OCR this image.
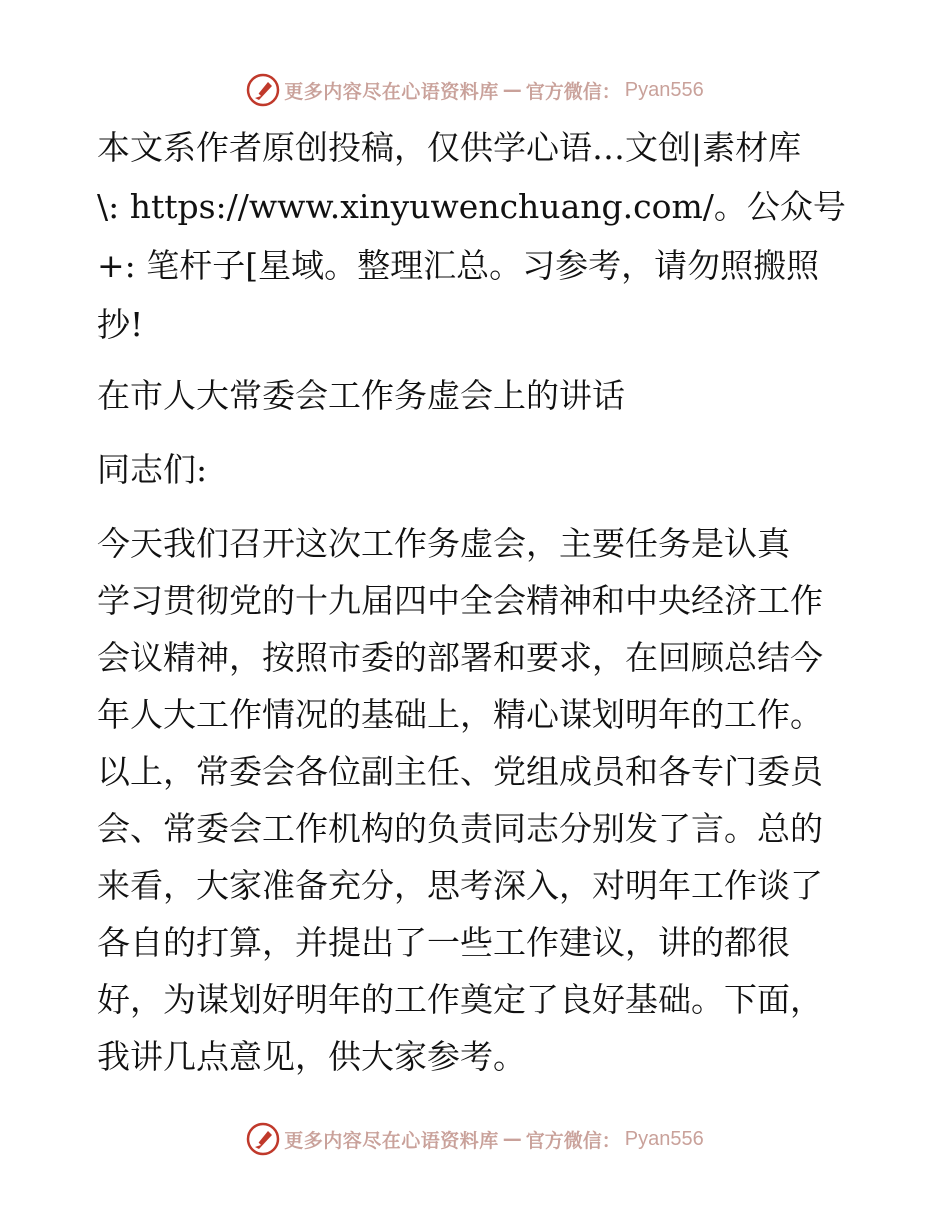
更多内容尽在心语资料库 — 官方微信： Pyan556
本文系作者原创投稿，仅供学心语…文创|素材库
\: https://www.xinyuwenchuang.com/。公众号
+: 笔杆子[星域。整理汇总。习参考，请勿照搬照
抄!
在市人大常委会工作务虚会上的讲话
同志们:
今天我们召开这次工作务虚会，主要任务是认真
学习贯彻党的十九届四中全会精神和中央经济工作
会议精神，按照市委的部署和要求，在回顾总结今
年人大工作情况的基础上，精心谋划明年的工作。
以上，常委会各位副主任、党组成员和各专门委员
会、常委会工作机构的负责同志分别发了言。总的
来看，大家准备充分，思考深入，对明年工作谈了
各自的打算，并提出了一些工作建议，讲的都很
好，为谋划好明年的工作奠定了良好基础。下面，
我讲几点意见，供大家参考。
更多内容尽在心语资料库 — 官方微信： Pyan556
